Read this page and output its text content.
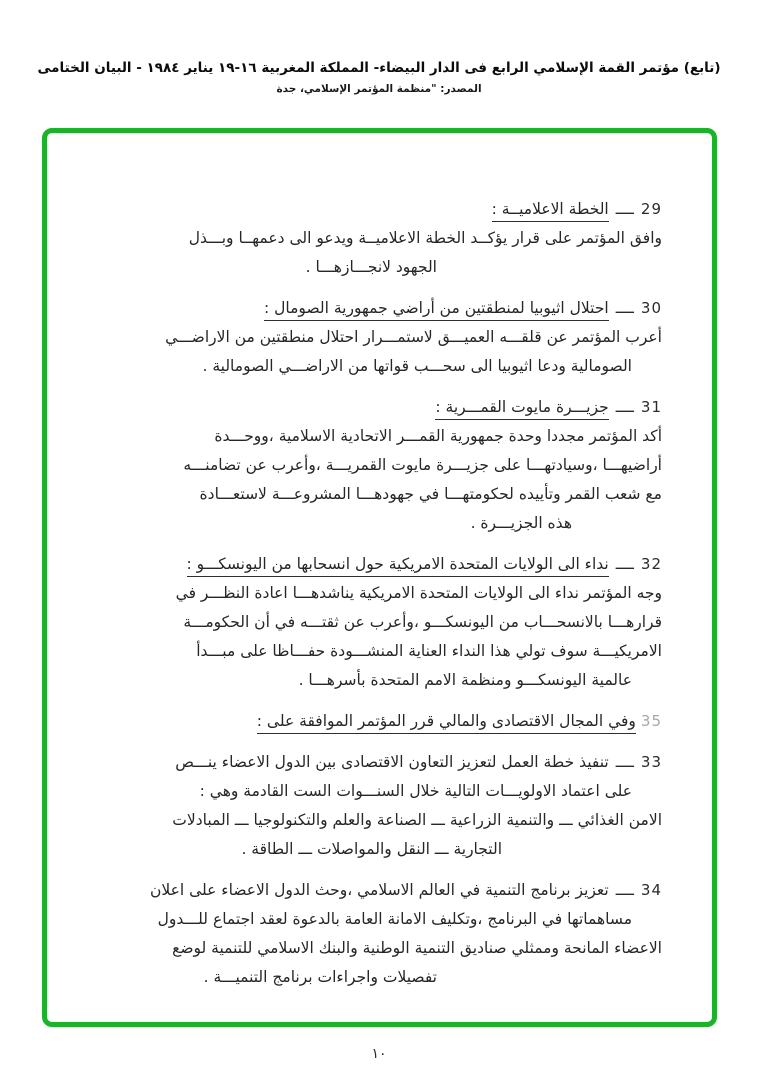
(تابع) مؤتمر القمة الإسلامي الرابع فى الدار البيضاء- المملكة المغربية ١٦-١٩ يناير ١٩٨٤ - البيان الختامى
المصدر: "منظمة المؤتمر الإسلامي، جدة
29ــــالخطة الاعلاميــة :
وافق المؤتمر على قرار يؤكــد الخطة الاعلاميــة ويدعو الى دعمهــا وبـــذل
الجهود لانجـــازهـــا .
30ــــاحتلال اثيوبيا لمنطقتين من أراضي جمهورية الصومال :
أعرب المؤتمر عن قلقـــه العميـــق لاستمـــرار احتلال منطقتين من الاراضـــي
الصومالية ودعا اثيوبيا الى سحـــب قواتها من الاراضـــي الصومالية .
31ــــجزيـــرة مايوت القمـــرية :
أكد المؤتمر مجددا وحدة جمهورية القمـــر الاتحادية الاسلامية ،ووحـــدة
أراضيهـــا ،وسيادتهـــا على جزيـــرة مايوت القمريـــة ،وأعرب عن تضامنـــه
مع شعب القمر وتأييده لحكومتهـــا في جهودهـــا المشروعـــة لاستعـــادة
هذه الجزيـــرة .
32ــــنداء الى الولايات المتحدة الامريكية حول انسحابها من اليونسكـــو :
وجه المؤتمر نداء الى الولايات المتحدة الامريكية يناشدهـــا اعادة النظـــر في
قرارهـــا بالانسحـــاب من اليونسكـــو ،وأعرب عن ثقتـــه في أن الحكومـــة
الامريكيـــة سوف تولي هذا النداء العناية المنشـــودة حفـــاظا على مبـــدأ
عالمية اليونسكـــو ومنظمة الامم المتحدة بأسرهـــا .
35وفي المجال الاقتصادى والمالي قرر المؤتمر الموافقة على :
33ــــتنفيذ خطة العمل لتعزيز التعاون الاقتصادى بين الدول الاعضاء ينـــص
على اعتماد الاولويـــات التالية خلال السنـــوات الست القادمة وهي :
الامن الغذائي ـــ والتنمية الزراعية ـــ الصناعة والعلم والتكنولوجيا ـــ المبادلات
التجارية ـــ النقل والمواصلات ـــ الطاقة .
34ــــتعزيز برنامج التنمية في العالم الاسلامي ،وحث الدول الاعضاء على اعلان
مساهماتها في البرنامج ،وتكليف الامانة العامة بالدعوة لعقد اجتماع للـــدول
الاعضاء المانحة وممثلي صناديق التنمية الوطنية والبنك الاسلامي للتنمية لوضع
تفصيلات واجراءات برنامج التنميـــة .
١٠
